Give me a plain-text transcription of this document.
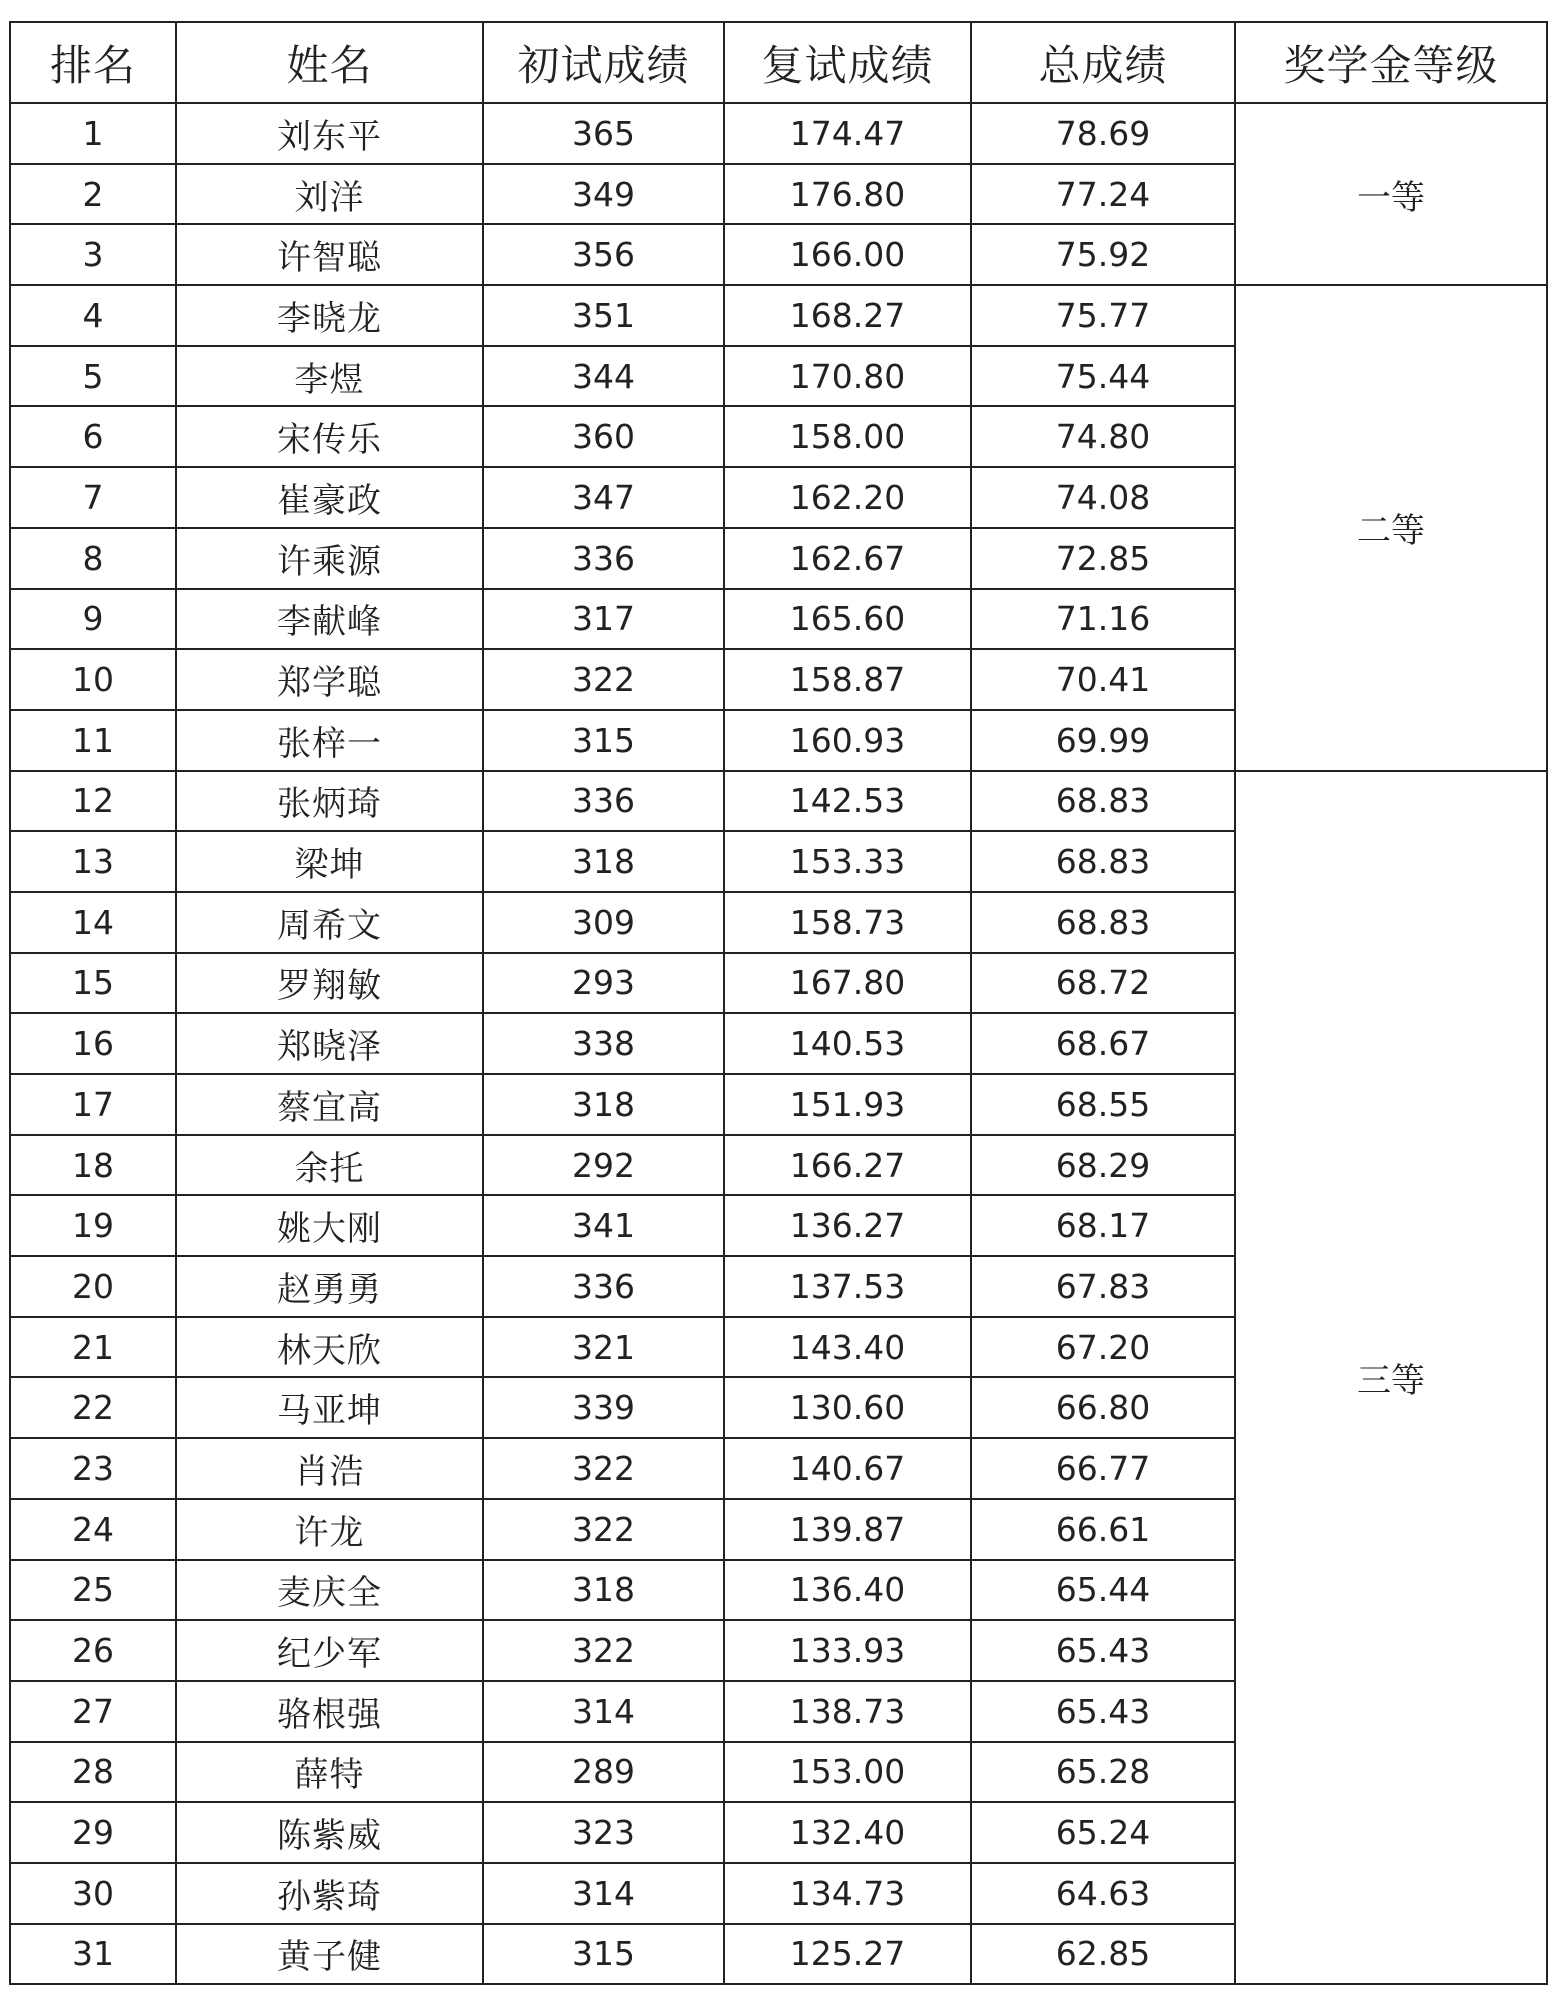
排名	姓名	初试成绩	复试成绩	总成绩	奖学金等级
1	刘东平	365	174.47	78.69	一等
2	刘洋	349	176.80	77.24	
3	许智聪	356	166.00	75.92	
4	李晓龙	351	168.27	75.77	二等
5	李煜	344	170.80	75.44	
6	宋传乐	360	158.00	74.80	
7	崔豪政	347	162.20	74.08	
8	许乘源	336	162.67	72.85	
9	李献峰	317	165.60	71.16	
10	郑学聪	322	158.87	70.41	
11	张梓一	315	160.93	69.99	
12	张炳琦	336	142.53	68.83	三等
13	梁坤	318	153.33	68.83	
14	周希文	309	158.73	68.83	
15	罗翔敏	293	167.80	68.72	
16	郑晓泽	338	140.53	68.67	
17	蔡宜高	318	151.93	68.55	
18	余托	292	166.27	68.29	
19	姚大刚	341	136.27	68.17	
20	赵勇勇	336	137.53	67.83	
21	林天欣	321	143.40	67.20	
22	马亚坤	339	130.60	66.80	
23	肖浩	322	140.67	66.77	
24	许龙	322	139.87	66.61	
25	麦庆全	318	136.40	65.44	
26	纪少军	322	133.93	65.43	
27	骆根强	314	138.73	65.43	
28	薛特	289	153.00	65.28	
29	陈紫威	323	132.40	65.24	
30	孙紫琦	314	134.73	64.63	
31	黄子健	315	125.27	62.85	
